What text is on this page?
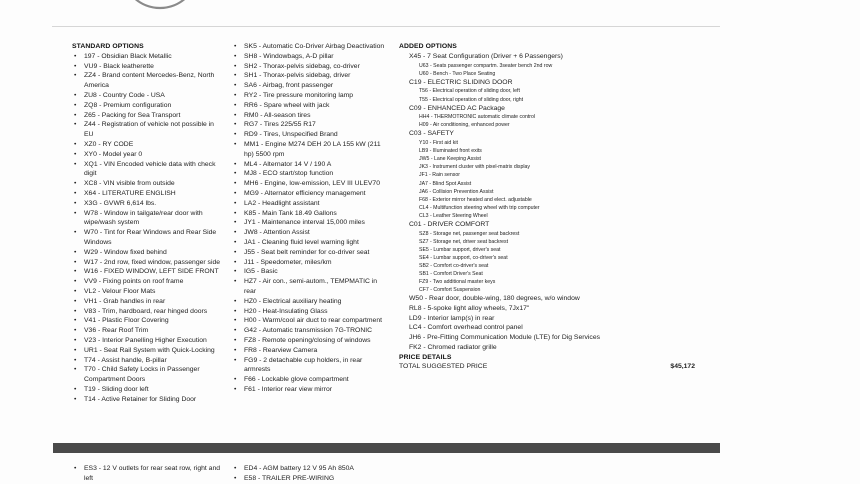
STANDARD OPTIONS
•	197 - Obsidian Black Metallic
•	VU9 - Black leatherette
•	ZZ4 - Brand content Mercedes-Benz, North America
•	ZU8 - Country Code - USA
•	ZQ8 - Premium configuration
•	Z65 - Packing for Sea Transport
•	Z44 - Registration of vehicle not possible in EU
•	XZ0 - RY CODE
•	XY0 - Model year 0
•	XQ1 - VIN Encoded vehicle data with check digit
•	XC8 - VIN visible from outside
•	X64 - LITERATURE ENGLISH
•	X3G - GVWR 6,614 lbs.
•	W78 - Window in tailgate/rear door with wipe/wash system
•	W70 - Tint for Rear Windows and Rear Side Windows
•	W29 - Window fixed behind
•	W17 - 2nd row, fixed window, passenger side
•	W16 - FIXED WINDOW, LEFT SIDE FRONT
•	VV9 - Fixing points on roof frame
•	VL2 - Velour Floor Mats
•	VH1 - Grab handles in rear
•	V83 - Trim, hardboard, rear hinged doors
•	V41 - Plastic Floor Covering
•	V36 - Rear Roof Trim
•	V23 - Interior Panelling Higher Execution
•	UR1 - Seat Rail System with Quick-Locking
•	T74 - Assist handle, B-pillar
•	T70 - Child Safety Locks in Passenger Compartment Doors
•	T19 - Sliding door left
•	T14 - Active Retainer for Sliding Door
•	SK5 - Automatic Co-Driver Airbag Deactivation
•	SH8 - Windowbags, A-D pillar
•	SH2 - Thorax-pelvis sidebag, co-driver
•	SH1 - Thorax-pelvis sidebag, driver
•	SA6 - Airbag, front passenger
•	RY2 - Tire pressure monitoring lamp
•	RR6 - Spare wheel with jack
•	RM0 - All-season tires
•	RG7 - Tires 225/55 R17
•	RD9 - Tires, Unspecified Brand
•	MM1 - Engine M274 DEH 20 LA 155 kW (211 hp) 5500 rpm
•	ML4 - Alternator 14 V / 190 A
•	MJ8 - ECO start/stop function
•	MH6 - Engine, low-emission, LEV III ULEV70
•	MG9 - Alternator efficiency management
•	LA2 - Headlight assistant
•	K85 - Main Tank 18.49 Gallons
•	JY1 - Maintenance interval 15,000 miles
•	JW8 - Attention Assist
•	JA1 - Cleaning fluid level warning light
•	J55 - Seat belt reminder for co-driver seat
•	J11 - Speedometer, miles/km
•	IG5 - Basic
•	HZ7 - Air con., semi-autom., TEMPMATIC in rear
•	HZ0 - Electrical auxiliary heating
•	H20 - Heat-Insulating Glass
•	H00 - Warm/cool air duct to rear compartment
•	G42 - Automatic transmission 7G-TRONIC
•	FZ8 - Remote opening/closing of windows
•	FR8 - Rearview Camera
•	FG9 - 2 detachable cup holders, in rear armrests
•	F66 - Lockable glove compartment
•	F61 - Interior rear view mirror
ADDED OPTIONS
X45 - 7 Seat Configuration (Driver + 6 Passengers)
U63 - Seats passenger compartm. 3seater bench 2nd row
U60 - Bench - Two Place Seating
C19 - ELECTRIC SLIDING DOOR
T56 - Electrical operation of sliding door, left
T55 - Electrical operation of sliding door, right
C09 - ENHANCED AC Package
HH4 - THERMOTRONIC automatic climate control
H09 - Air conditioning, enhanced power
C03 - SAFETY
Y10 - First aid kit
LB9 - Illuminated front exits
JW5 - Lane Keeping Assist
JK3 - Instrument cluster with pixel-matrix display
JF1 - Rain sensor
JA7 - Blind Spot Assist
JA6 - Collision Prevention Assist
F68 - Exterior mirror heated and elect. adjustable
CL4 - Multifunction steering wheel with trip computer
CL3 - Leather Steering Wheel
C01 - DRIVER COMFORT
SZ8 - Storage net, passenger seat backrest
SZ7 - Storage net, driver seat backrest
SE5 - Lumbar support, driver's seat
SE4 - Lumbar support, co-driver's seat
SB2 - Comfort co-driver's seat
SB1 - Comfort Driver's Seat
FZ9 - Two additional master keys
CF7 - Comfort Suspension
W50 - Rear door, double-wing, 180 degrees, w/o window
RL8 - 5-spoke light alloy wheels, 7Jx17"
LD9 - Interior lamp(s) in rear
LC4 - Comfort overhead control panel
JH6 - Pre-Fitting Communication Module (LTE) for Dig Services
FK2 - Chromed radiator grille
PRICE DETAILS
TOTAL SUGGESTED PRICE	$45,172
•	ES3 - 12 V outlets for rear seat row, right and left
•	ED4 - AGM battery 12 V 95 Ah 850A
•	E58 - TRAILER PRE-WIRING
